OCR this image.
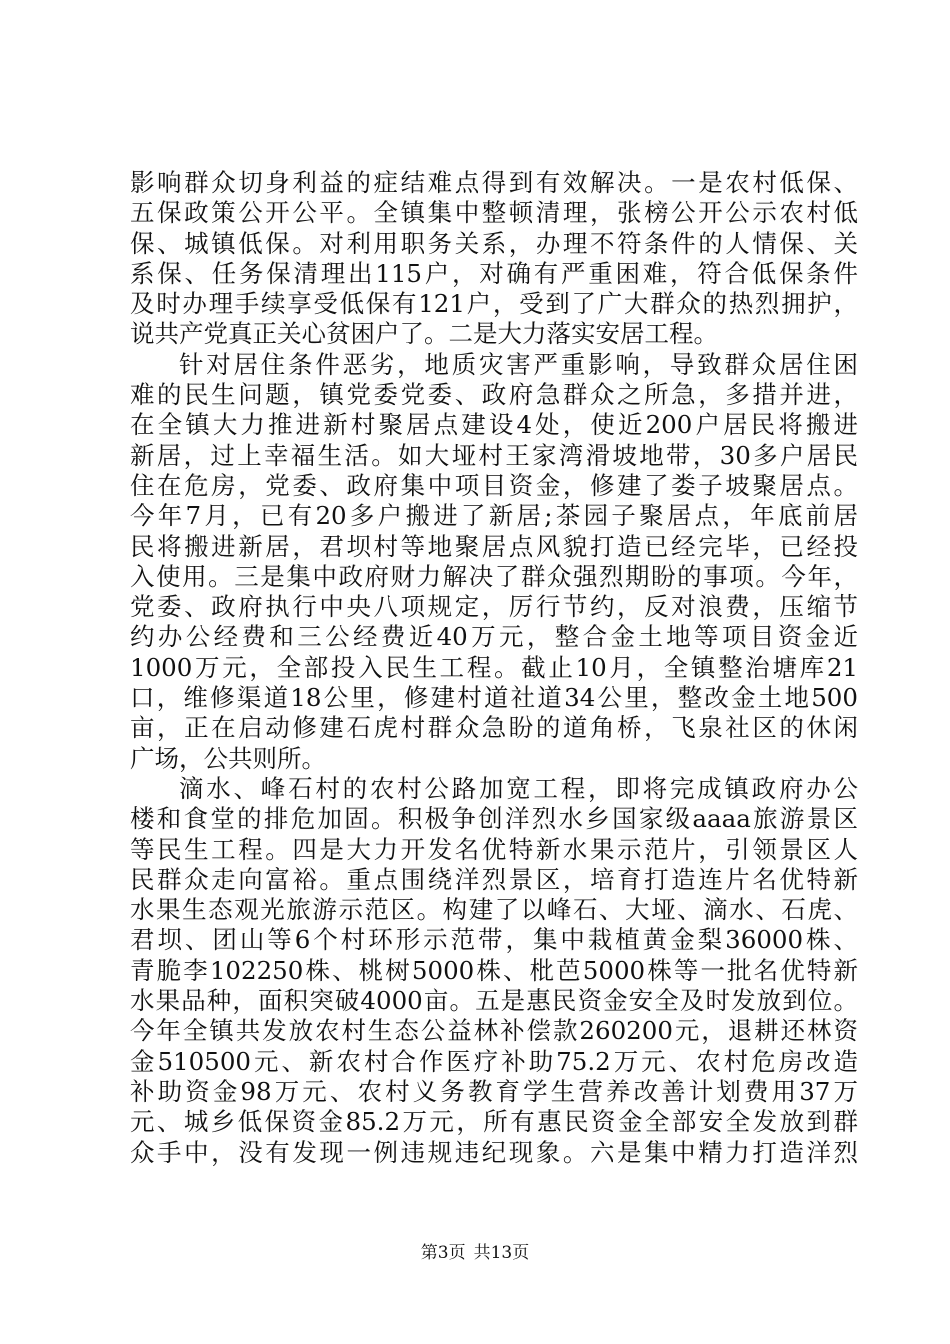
影响群众切身利益的症结难点得到有效解决。一是农村低保、
五保政策公开公平。全镇集中整顿清理，张榜公开公示农村低
保、城镇低保。对利用职务关系，办理不符条件的人情保、关
系保、任务保清理出115户，对确有严重困难，符合低保条件
及时办理手续享受低保有121户，受到了广大群众的热烈拥护，
说共产党真正关心贫困户了。二是大力落实安居工程。
针对居住条件恶劣，地质灾害严重影响，导致群众居住困
难的民生问题，镇党委党委、政府急群众之所急，多措并进，
在全镇大力推进新村聚居点建设4处，使近200户居民将搬进
新居，过上幸福生活。如大垭村王家湾滑坡地带，30多户居民
住在危房，党委、政府集中项目资金，修建了娄子坡聚居点。
今年7月，已有20多户搬进了新居;茶园子聚居点，年底前居
民将搬进新居，君坝村等地聚居点风貌打造已经完毕，已经投
入使用。三是集中政府财力解决了群众强烈期盼的事项。今年，
党委、政府执行中央八项规定，厉行节约，反对浪费，压缩节
约办公经费和三公经费近40万元，整合金土地等项目资金近
1000万元，全部投入民生工程。截止10月，全镇整治塘库21
口，维修渠道18公里，修建村道社道34公里，整改金土地500
亩，正在启动修建石虎村群众急盼的道角桥，飞泉社区的休闲
广场，公共则所。
滴水、峰石村的农村公路加宽工程，即将完成镇政府办公
楼和食堂的排危加固。积极争创洋烈水乡国家级aaaa旅游景区
等民生工程。四是大力开发名优特新水果示范片，引领景区人
民群众走向富裕。重点围绕洋烈景区，培育打造连片名优特新
水果生态观光旅游示范区。构建了以峰石、大垭、滴水、石虎、
君坝、团山等6个村环形示范带，集中栽植黄金梨36000株、
青脆李102250株、桃树5000株、枇芭5000株等一批名优特新
水果品种，面积突破4000亩。五是惠民资金安全及时发放到位。
今年全镇共发放农村生态公益林补偿款260200元，退耕还林资
金510500元、新农村合作医疗补助75.2万元、农村危房改造
补助资金98万元、农村义务教育学生营养改善计划费用37万
元、城乡低保资金85.2万元，所有惠民资金全部安全发放到群
众手中，没有发现一例违规违纪现象。六是集中精力打造洋烈
第3页 共13页
